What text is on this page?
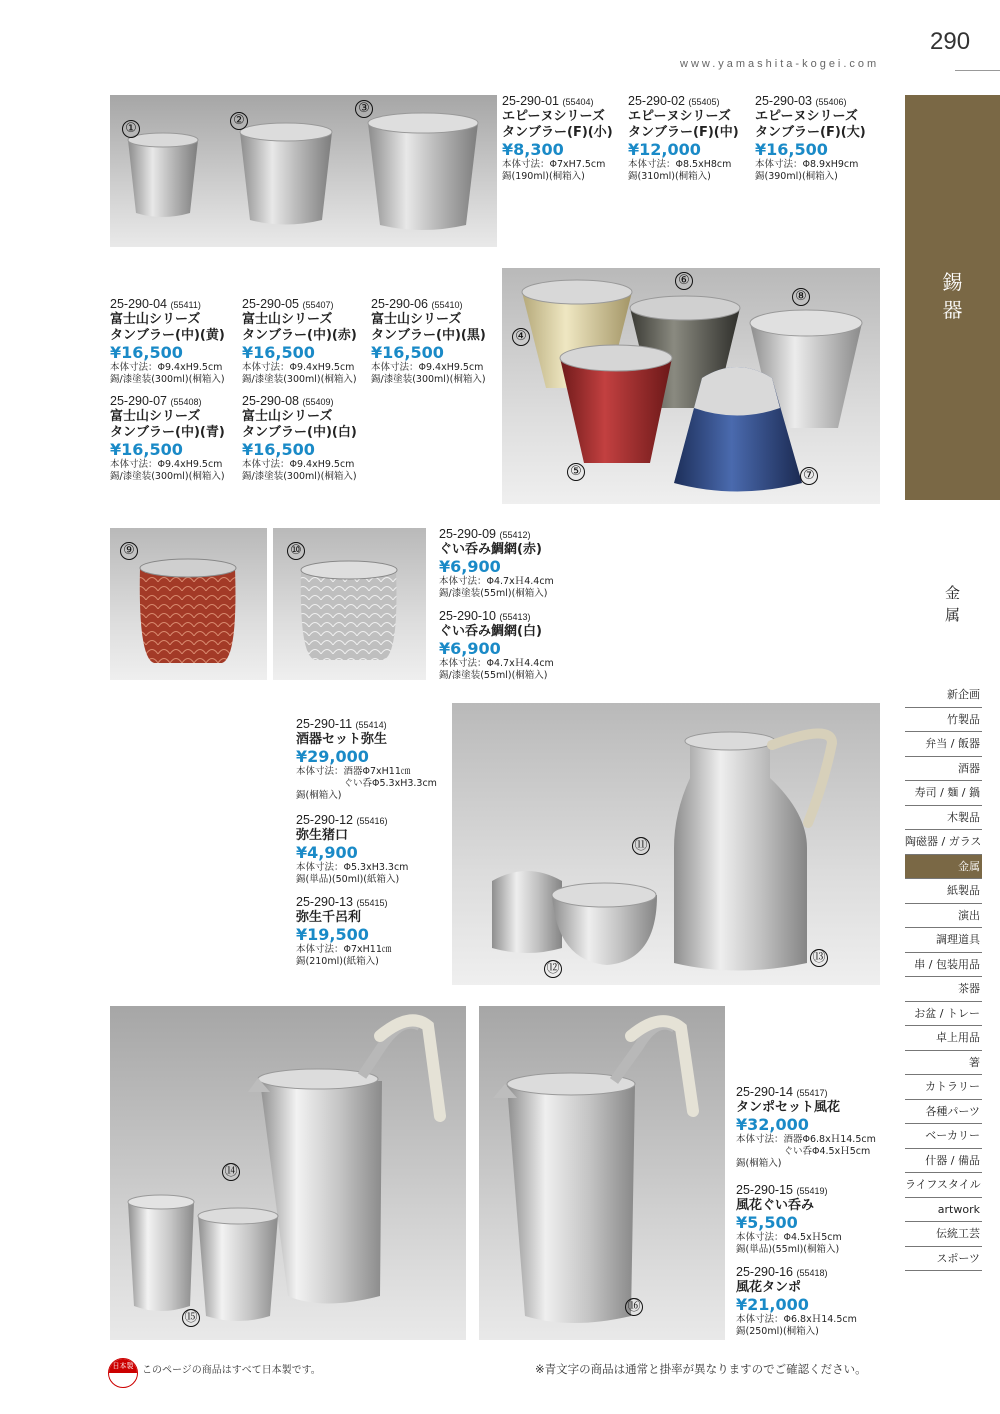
290
www.yamashita-kogei.com
錫器
金属
新企画
竹製品
弁当 / 飯器
酒器
寿司 / 麺 / 鍋
木製品
陶磁器 / ガラス
金属
紙製品
演出
調理道具
串 / 包装用品
茶器
お盆 / トレー
卓上用品
箸
カトラリー
各種パーツ
ベーカリー
什器 / 備品
ライフスタイル
artwork
伝統工芸
スポーツ
①
②
③	25-290-01 (55404)
エピーヌシリーズ
タンブラー(F)(小)
¥8,300
本体寸法：Φ7xH7.5cm
錫(190ml)(桐箱入)
25-290-02 (55405)
エピーヌシリーズ
タンブラー(F)(中)
¥12,000
本体寸法：Φ8.5xH8cm
錫(310ml)(桐箱入)
25-290-03 (55406)
エピーヌシリーズ
タンブラー(F)(大)
¥16,500
本体寸法：Φ8.9xH9cm
錫(390ml)(桐箱入)
25-290-04 (55411)
富士山シリーズ
タンブラー(中)(黄)
¥16,500
本体寸法：Φ9.4xH9.5cm
錫/漆塗装(300ml)(桐箱入)
25-290-05 (55407)
富士山シリーズ
タンブラー(中)(赤)
¥16,500
本体寸法：Φ9.4xH9.5cm
錫/漆塗装(300ml)(桐箱入)
25-290-06 (55410)
富士山シリーズ
タンブラー(中)(黒)
¥16,500
本体寸法：Φ9.4xH9.5cm
錫/漆塗装(300ml)(桐箱入)
25-290-07 (55408)
富士山シリーズ
タンブラー(中)(青)
¥16,500
本体寸法：Φ9.4xH9.5cm
錫/漆塗装(300ml)(桐箱入)
25-290-08 (55409)
富士山シリーズ
タンブラー(中)(白)
¥16,500
本体寸法：Φ9.4xH9.5cm
錫/漆塗装(300ml)(桐箱入)
④
⑤
⑥
⑦
⑧
⑨	⑩
25-290-09 (55412)
ぐい呑み鯛網(赤)
¥6,900
本体寸法：Φ4.7xＨ4.4cm
錫/漆塗装(55ml)(桐箱入)
25-290-10 (55413)
ぐい呑み鯛網(白)
¥6,900
本体寸法：Φ4.7xＨ4.4cm
錫/漆塗装(55ml)(桐箱入)
25-290-11 (55414)
酒器セット弥生
¥29,000
本体寸法：酒器Φ7xH11㎝
　　　　　ぐい呑Φ5.3xH3.3cm
錫(桐箱入)
25-290-12 (55416)
弥生猪口
¥4,900
本体寸法：Φ5.3xH3.3cm
錫(単品)(50ml)(紙箱入)
25-290-13 (55415)
弥生千呂利
¥19,500
本体寸法：Φ7xH11㎝
錫(210ml)(紙箱入)
⑪
⑫
⑬
⑭
⑮
⑯
25-290-14 (55417)
タンポセット風花
¥32,000
本体寸法：酒器Φ6.8xＨ14.5cm
　　　　　ぐい呑Φ4.5xＨ5cm
錫(桐箱入)
25-290-15 (55419)
風花ぐい呑み
¥5,500
本体寸法：Φ4.5xＨ5cm
錫(単品)(55ml)(桐箱入)
25-290-16 (55418)
風花タンポ
¥21,000
本体寸法：Φ6.8xＨ14.5cm
錫(250ml)(桐箱入)
日本製 このページの商品はすべて日本製です。	※青文字の商品は通常と掛率が異なりますのでご確認ください。
